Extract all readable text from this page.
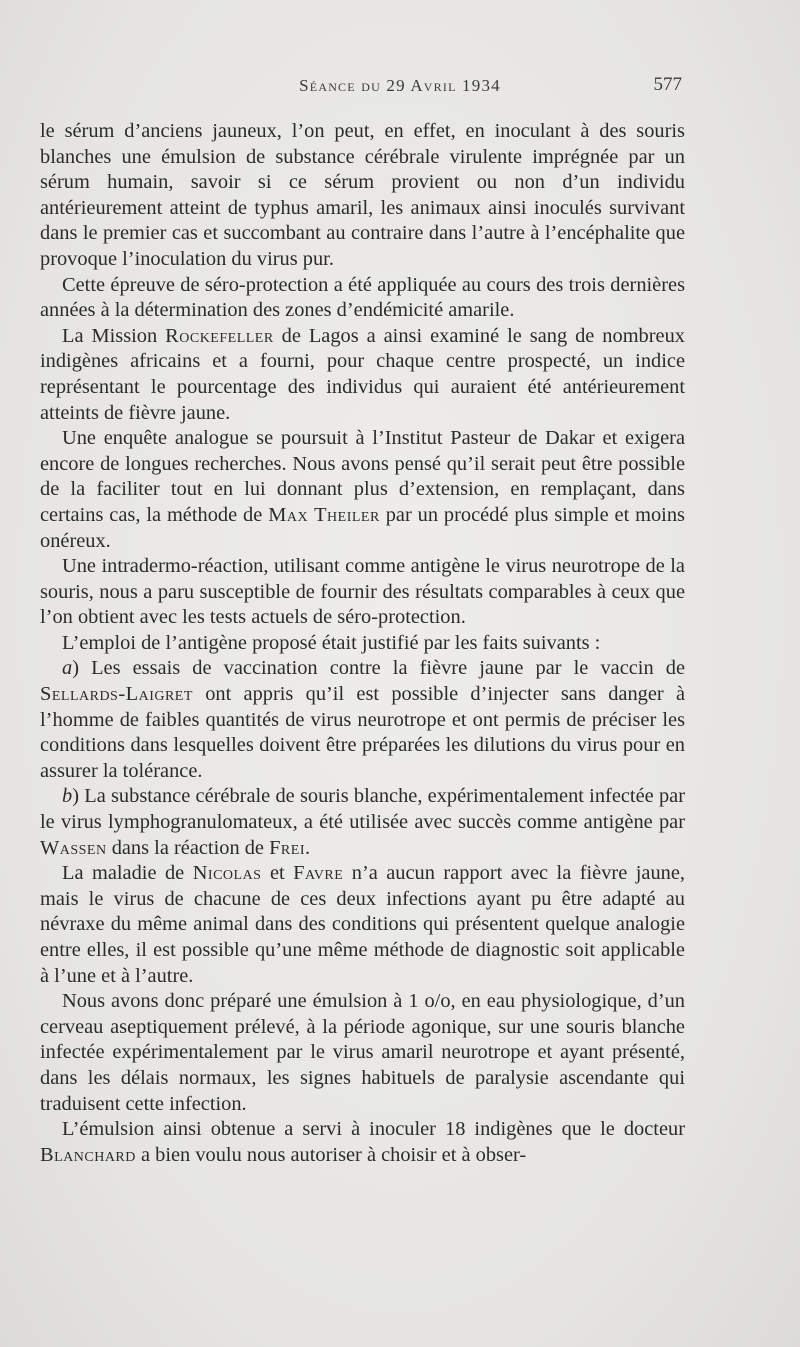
Séance du 29 Avril 1934	577

le sérum d’anciens jauneux, l’on peut, en effet, en inoculant à des souris blanches une émulsion de substance cérébrale virulente imprégnée par un sérum humain, savoir si ce sérum provient ou non d’un individu antérieurement atteint de typhus amaril, les animaux ainsi inoculés survivant dans le premier cas et succombant au contraire dans l’autre à l’encéphalite que provoque l’inoculation du virus pur.

Cette épreuve de séro-protection a été appliquée au cours des trois dernières années à la détermination des zones d’endémicité amarile.

La Mission Rockefeller de Lagos a ainsi examiné le sang de nombreux indigènes africains et a fourni, pour chaque centre prospecté, un indice représentant le pourcentage des individus qui auraient été antérieurement atteints de fièvre jaune.

Une enquête analogue se poursuit à l’Institut Pasteur de Dakar et exigera encore de longues recherches. Nous avons pensé qu’il serait peut être possible de la faciliter tout en lui donnant plus d’extension, en remplaçant, dans certains cas, la méthode de Max Theiler par un procédé plus simple et moins onéreux.

Une intradermo-réaction, utilisant comme antigène le virus neurotrope de la souris, nous a paru susceptible de fournir des résultats comparables à ceux que l’on obtient avec les tests actuels de séro-protection.

L’emploi de l’antigène proposé était justifié par les faits suivants :

a) Les essais de vaccination contre la fièvre jaune par le vaccin de Sellards-Laigret ont appris qu’il est possible d’injecter sans danger à l’homme de faibles quantités de virus neurotrope et ont permis de préciser les conditions dans lesquelles doivent être préparées les dilutions du virus pour en assurer la tolérance.

b) La substance cérébrale de souris blanche, expérimentalement infectée par le virus lymphogranulomateux, a été utilisée avec succès comme antigène par Wassen dans la réaction de Frei.

La maladie de Nicolas et Favre n’a aucun rapport avec la fièvre jaune, mais le virus de chacune de ces deux infections ayant pu être adapté au névraxe du même animal dans des conditions qui présentent quelque analogie entre elles, il est possible qu’une même méthode de diagnostic soit applicable à l’une et à l’autre.

Nous avons donc préparé une émulsion à 1 o/o, en eau physiologique, d’un cerveau aseptiquement prélevé, à la période agonique, sur une souris blanche infectée expérimentalement par le virus amaril neurotrope et ayant présenté, dans les délais normaux, les signes habituels de paralysie ascendante qui traduisent cette infection.

L’émulsion ainsi obtenue a servi à inoculer 18 indigènes que le docteur Blanchard a bien voulu nous autoriser à choisir et à obser-
